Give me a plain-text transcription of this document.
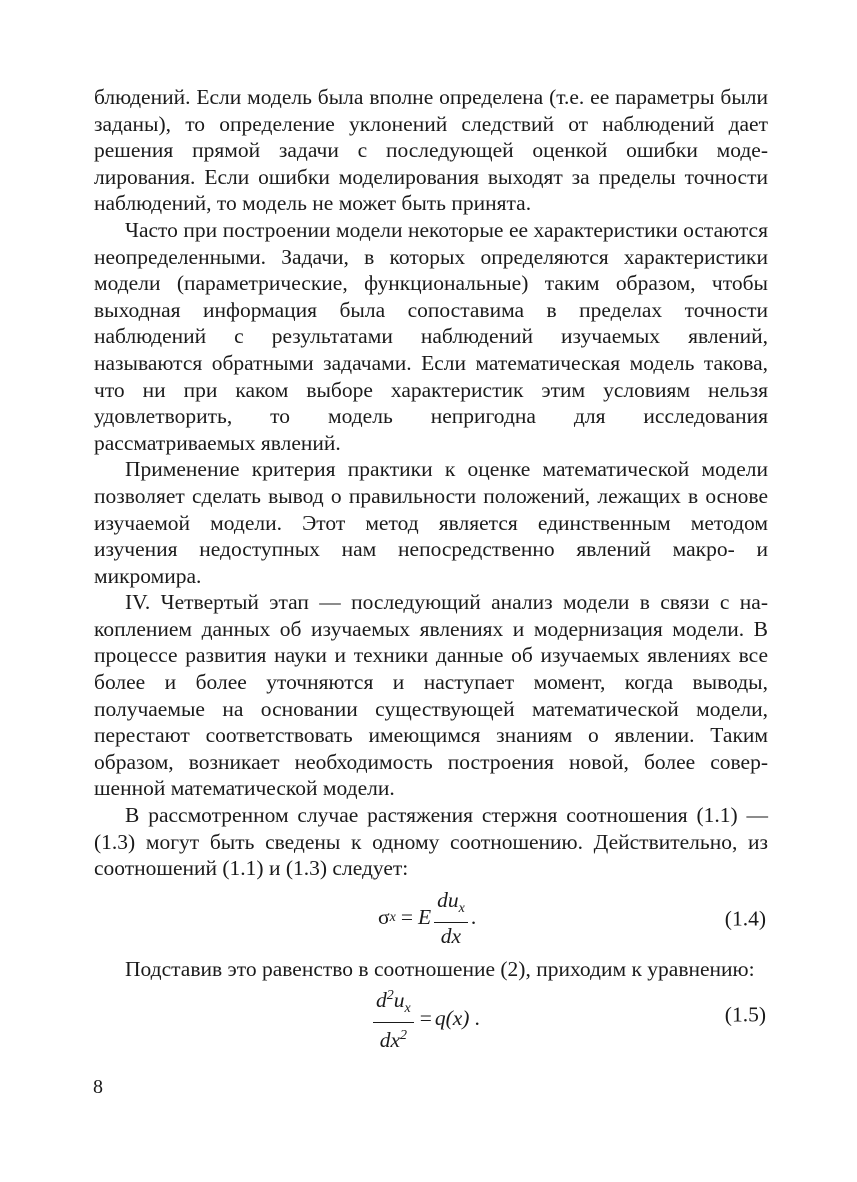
блюдений. Если модель была вполне определена (т.е. ее параметры были заданы), то определение уклонений следствий от наблюдений дает решения прямой задачи с последующей оценкой ошибки моделирования. Если ошибки моделирования выходят за пределы точности наблюдений, то модель не может быть принята.

Часто при построении модели некоторые ее характеристики остаются неопределенными. Задачи, в которых определяются характеристики модели (параметрические, функциональные) таким образом, чтобы выходная информация была сопоставима в пределах точности наблюдений с результатами наблюдений изучаемых явлений, называются обратными задачами. Если математическая модель такова, что ни при каком выборе характеристик этим условиям нельзя удовлетворить, то модель непригодна для исследования рассматриваемых явлений.

Применение критерия практики к оценке математической модели позволяет сделать вывод о правильности положений, лежащих в основе изучаемой модели. Этот метод является единственным методом изучения недоступных нам непосредственно явлений макро- и микромира.

IV. Четвертый этап — последующий анализ модели в связи с накоплением данных об изучаемых явлениях и модернизация модели. В процессе развития науки и техники данные об изучаемых явлениях все более и более уточняются и наступает момент, когда выводы, получаемые на основании существующей математической модели, перестают соответствовать имеющимся знаниям о явлении. Таким образом, возникает необходимость построения новой, более совершенной математической модели.

В рассмотренном случае растяжения стержня соотношения (1.1) — (1.3) могут быть сведены к одному соотношению. Действительно, из соотношений (1.1) и (1.3) следует:

σ x = E $\frac{du_x}{dx}$ .	(1.4)

Подставив это равенство в соотношение (2), приходим к уравнению:

$\frac{d^2u_x}{dx^2} = q(x)$ .	(1.5)
8
